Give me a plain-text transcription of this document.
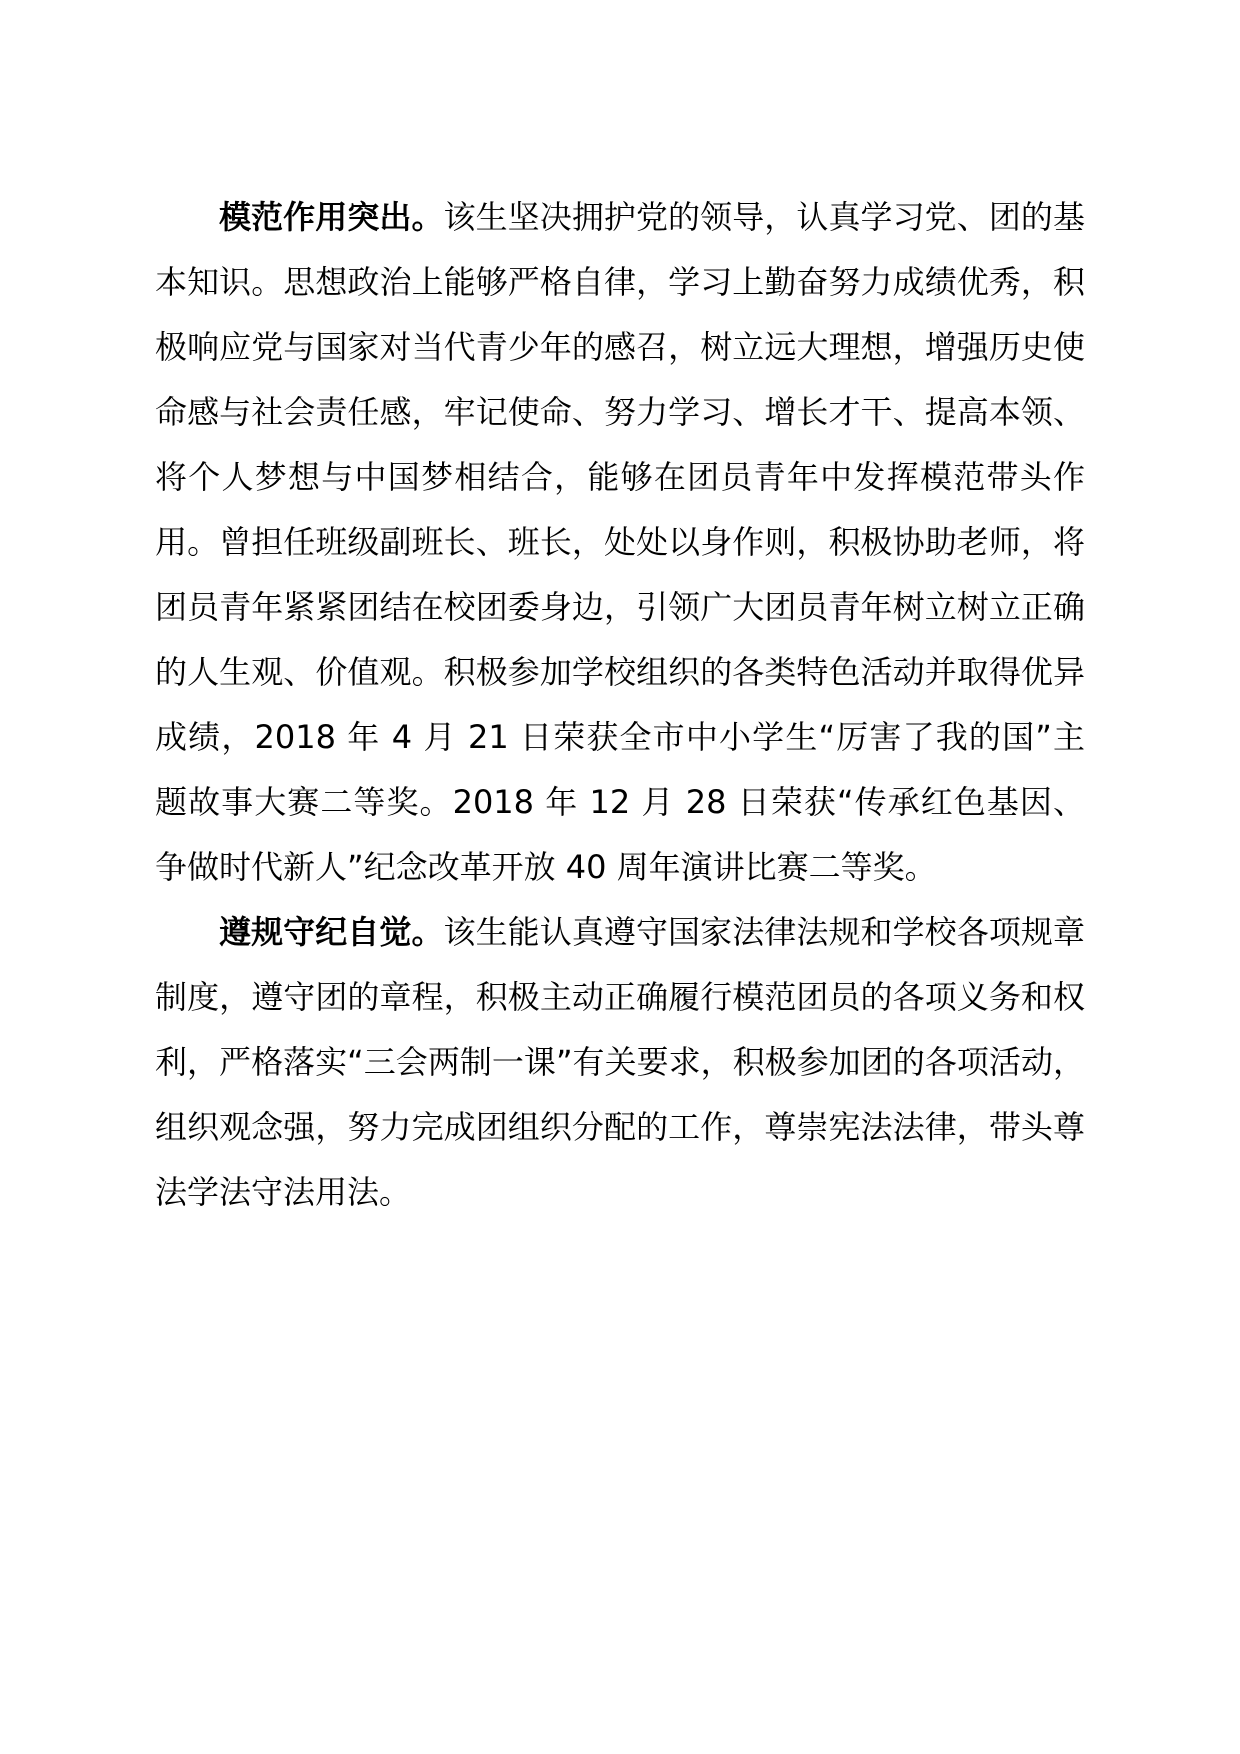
模范作用突出。该生坚决拥护党的领导，认真学习党、团的基本知识。思想政治上能够严格自律，学习上勤奋努力成绩优秀，积极响应党与国家对当代青少年的感召，树立远大理想，增强历史使命感与社会责任感，牢记使命、努力学习、增长才干、提高本领、将个人梦想与中国梦相结合，能够在团员青年中发挥模范带头作用。曾担任班级副班长、班长，处处以身作则，积极协助老师，将团员青年紧紧团结在校团委身边，引领广大团员青年树立树立正确的人生观、价值观。积极参加学校组织的各类特色活动并取得优异成绩，2018 年 4 月 21 日荣获全市中小学生“厉害了我的国”主题故事大赛二等奖。2018 年 12 月 28 日荣获“传承红色基因、争做时代新人”纪念改革开放 40 周年演讲比赛二等奖。

遵规守纪自觉。该生能认真遵守国家法律法规和学校各项规章制度，遵守团的章程，积极主动正确履行模范团员的各项义务和权利，严格落实“三会两制一课”有关要求，积极参加团的各项活动，组织观念强，努力完成团组织分配的工作，尊崇宪法法律，带头尊法学法守法用法。
